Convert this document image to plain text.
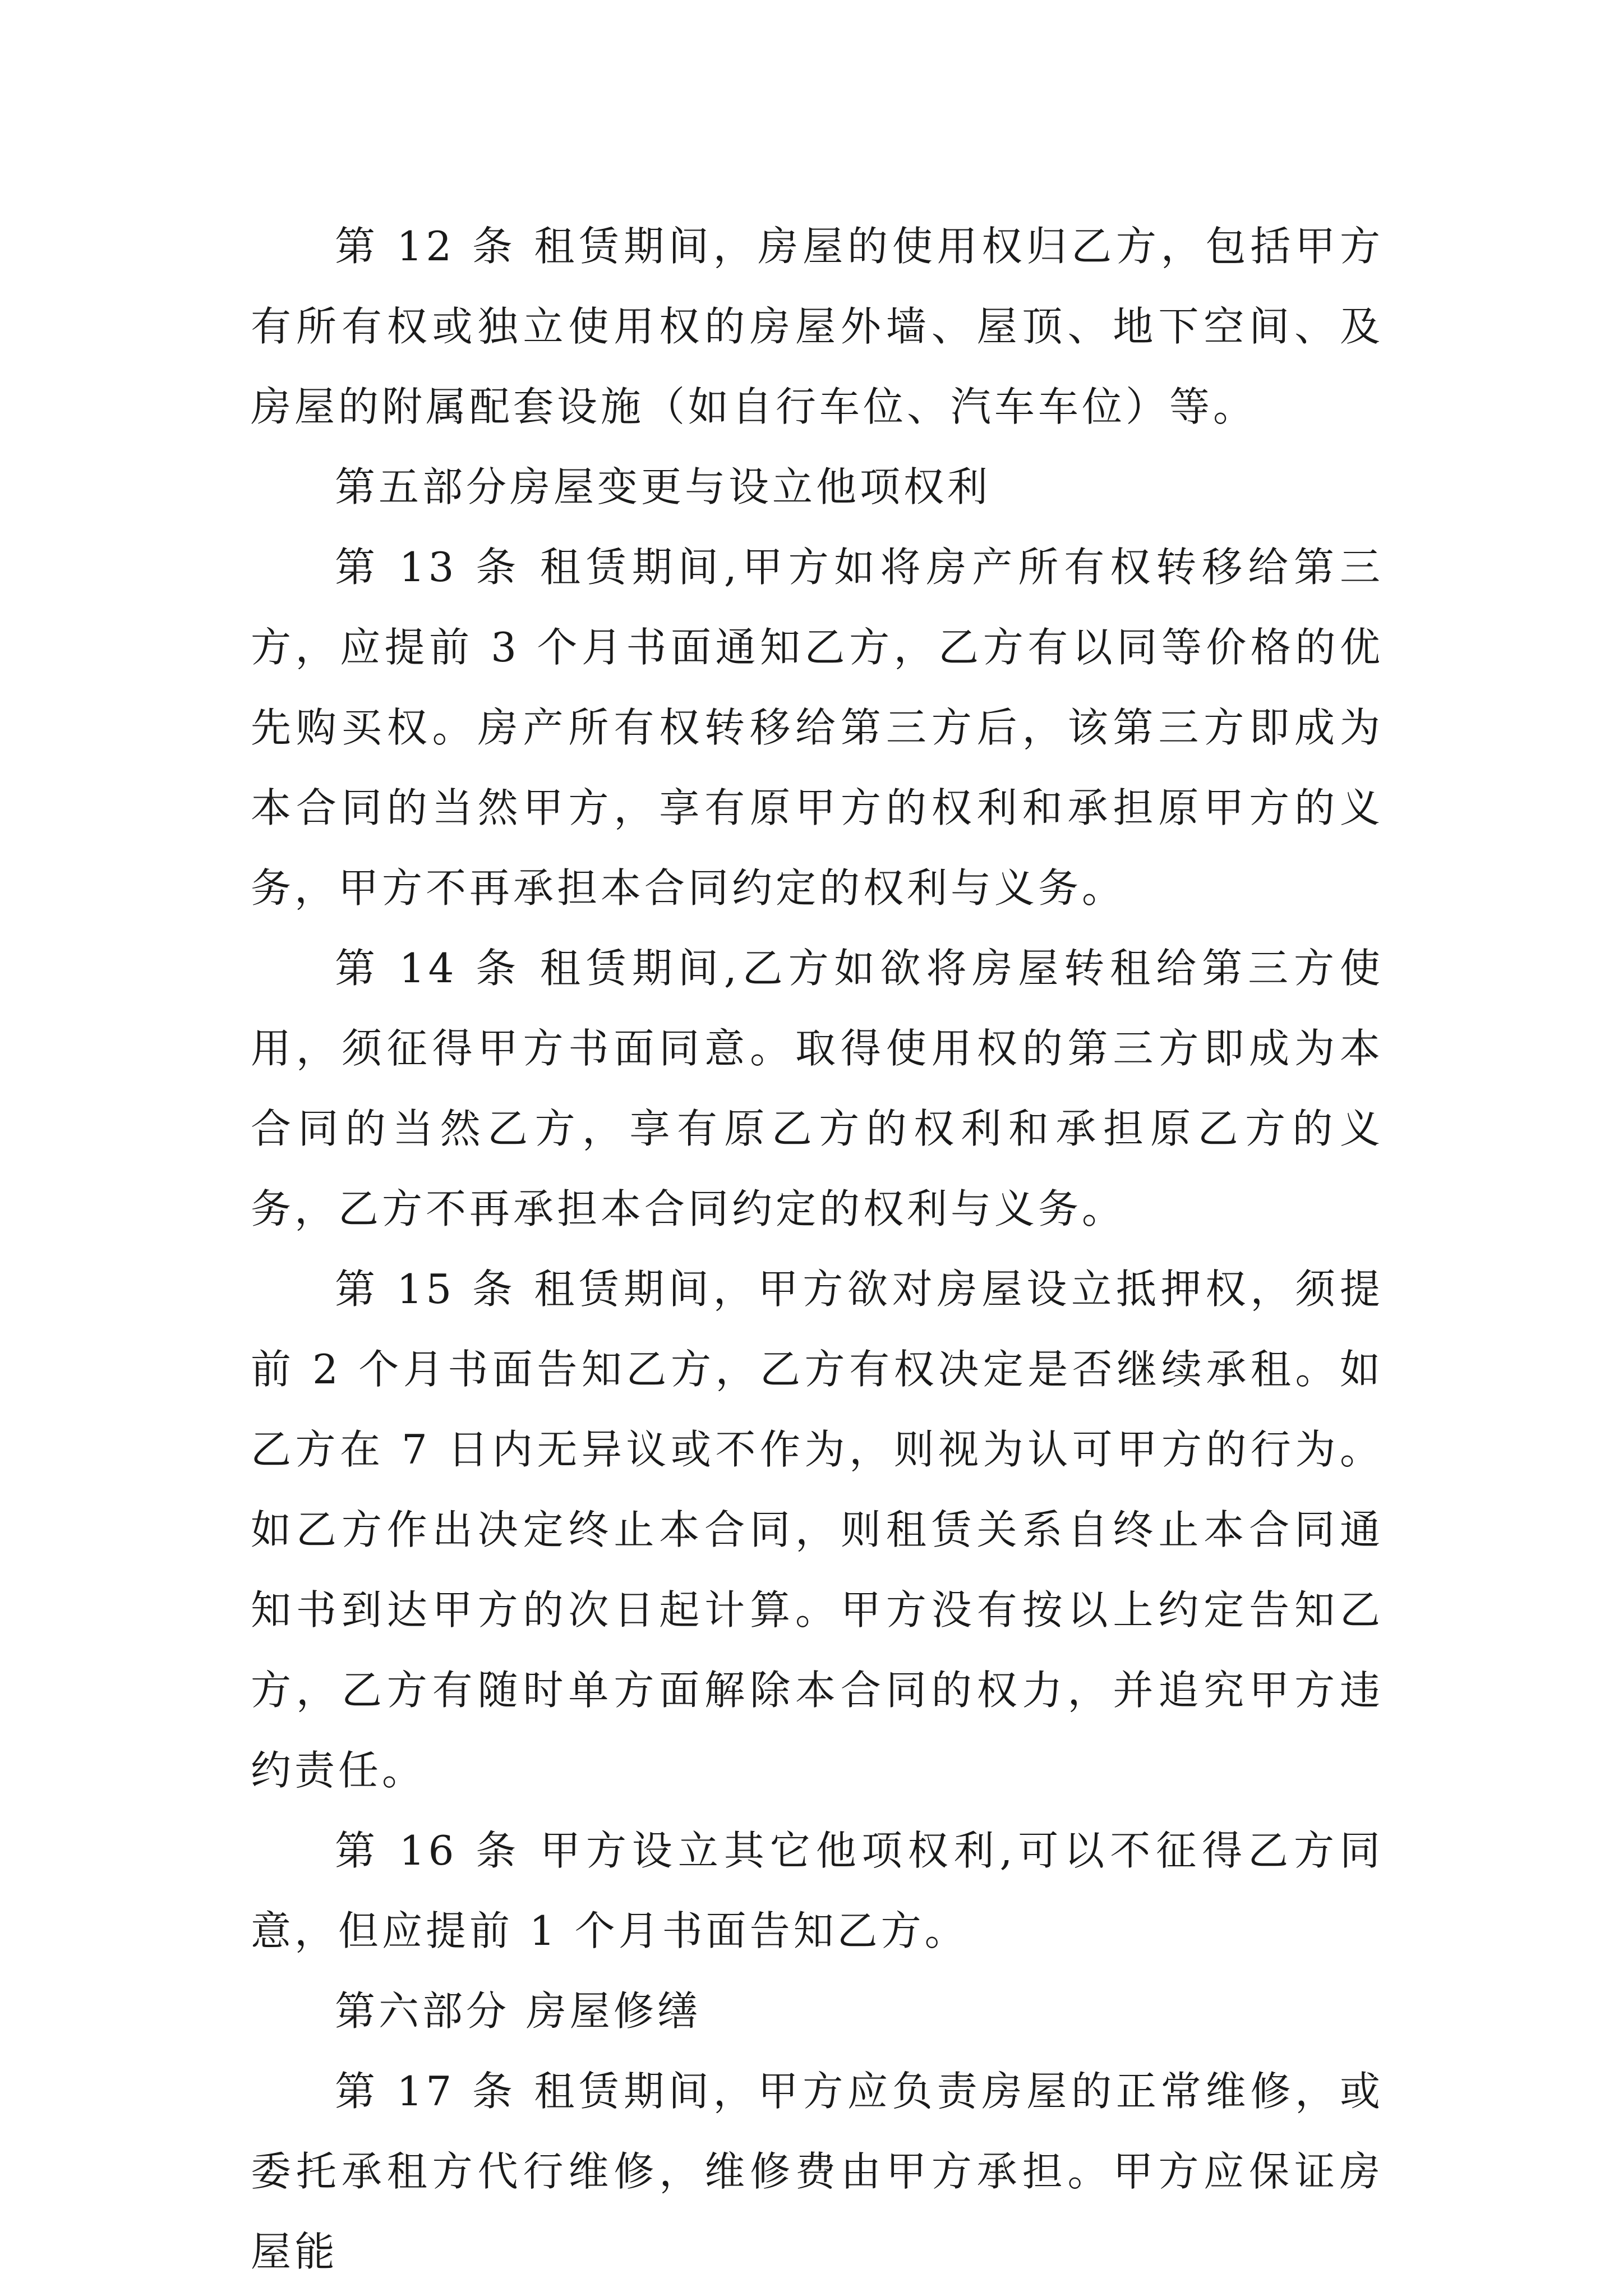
第 12 条 租赁期间，房屋的使用权归乙方，包括甲方有所有权或独立使用权的房屋外墙、屋顶、地下空间、及房屋的附属配套设施（如自行车位、汽车车位）等。

第五部分房屋变更与设立他项权利

第 13 条 租赁期间,甲方如将房产所有权转移给第三方，应提前 3 个月书面通知乙方，乙方有以同等价格的优先购买权。房产所有权转移给第三方后，该第三方即成为本合同的当然甲方，享有原甲方的权利和承担原甲方的义务，甲方不再承担本合同约定的权利与义务。

第 14 条 租赁期间,乙方如欲将房屋转租给第三方使用，须征得甲方书面同意。取得使用权的第三方即成为本合同的当然乙方，享有原乙方的权利和承担原乙方的义务，乙方不再承担本合同约定的权利与义务。

第 15 条 租赁期间，甲方欲对房屋设立抵押权，须提前 2 个月书面告知乙方，乙方有权决定是否继续承租。如乙方在 7 日内无异议或不作为，则视为认可甲方的行为。如乙方作出决定终止本合同，则租赁关系自终止本合同通知书到达甲方的次日起计算。甲方没有按以上约定告知乙方，乙方有随时单方面解除本合同的权力，并追究甲方违约责任。

第 16 条 甲方设立其它他项权利,可以不征得乙方同意，但应提前 1 个月书面告知乙方。

第六部分 房屋修缮

第 17 条 租赁期间，甲方应负责房屋的正常维修，或委托承租方代行维修，维修费由甲方承担。甲方应保证房屋能
